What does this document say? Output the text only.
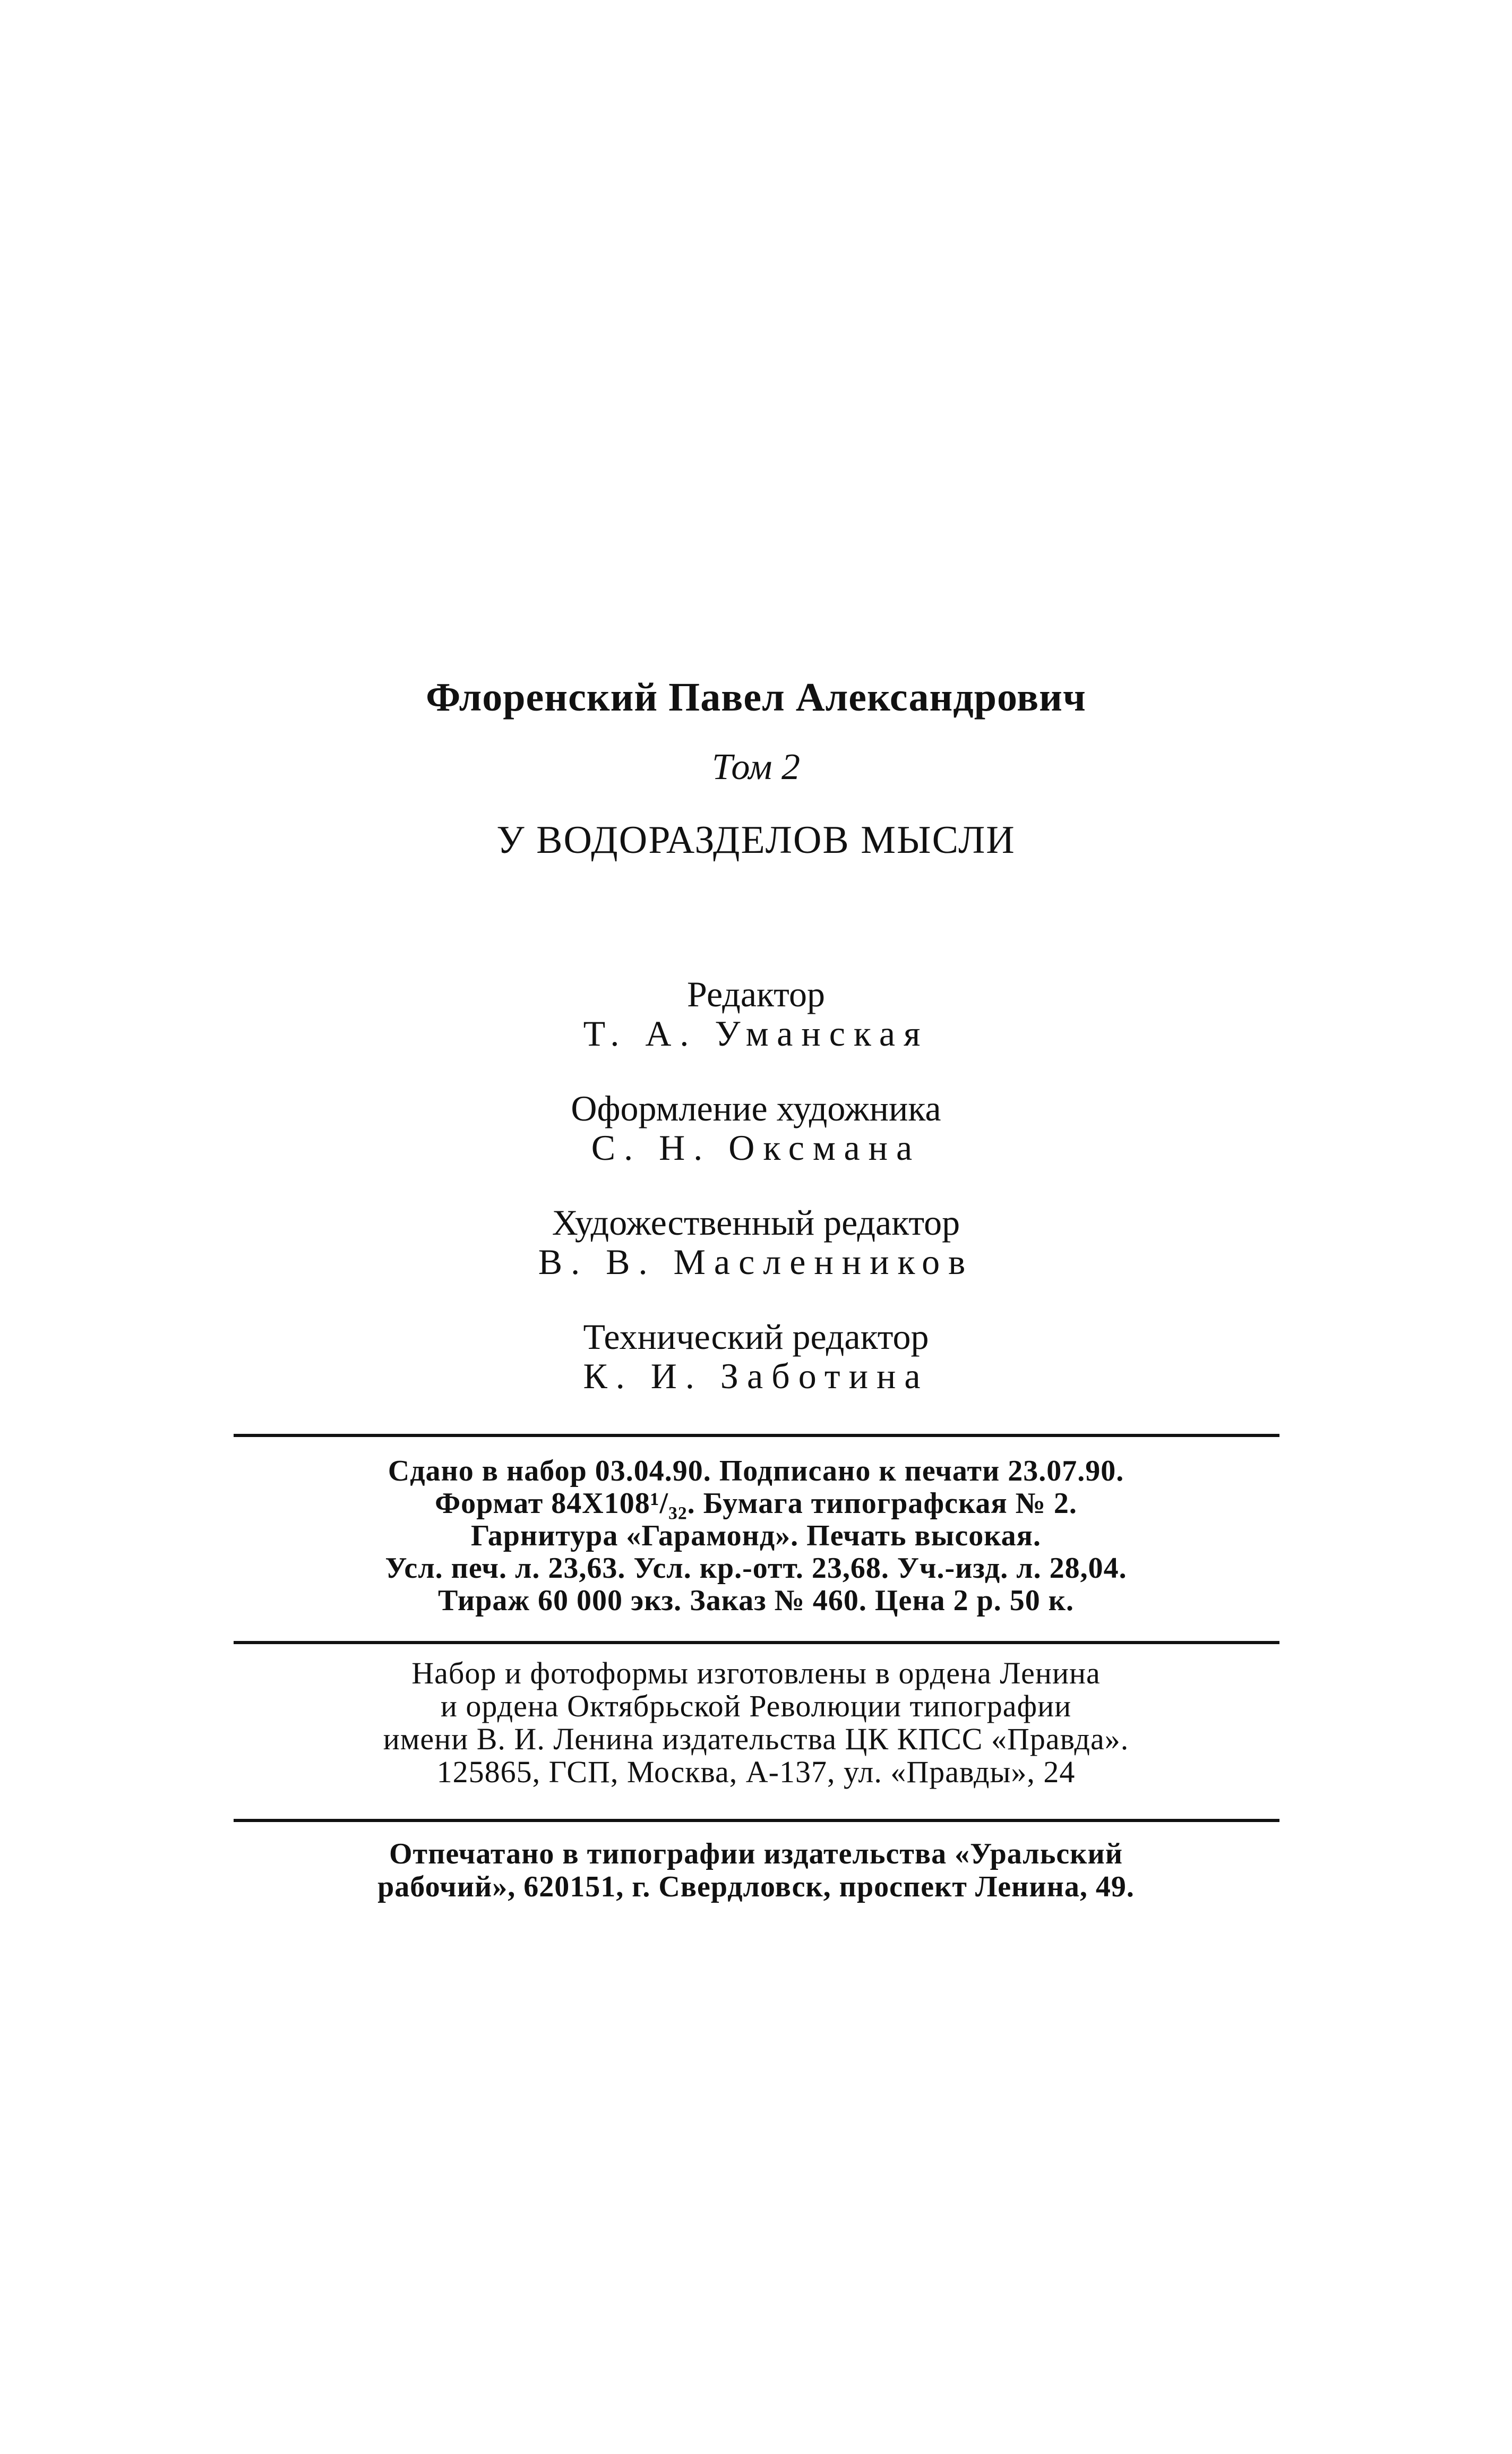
Флоренский Павел Александрович
Том 2
У ВОДОРАЗДЕЛОВ МЫСЛИ
Редактор
Т. А. Уманская
Оформление художника
С. Н. Оксмана
Художественный редактор
В. В. Масленников
Технический редактор
К. И. Заботина
Сдано в набор 03.04.90. Подписано к печати 23.07.90.
Формат 84X108¹/₃₂. Бумага типографская № 2.
Гарнитура «Гарамонд». Печать высокая.
Усл. печ. л. 23,63. Усл. кр.-отт. 23,68. Уч.-изд. л. 28,04.
Тираж 60 000 экз. Заказ № 460. Цена 2 р. 50 к.
Набор и фотоформы изготовлены в ордена Ленина
и ордена Октябрьской Революции типографии
имени В. И. Ленина издательства ЦК КПСС «Правда».
125865, ГСП, Москва, А-137, ул. «Правды», 24
Отпечатано в типографии издательства «Уральский
рабочий», 620151, г. Свердловск, проспект Ленина, 49.
